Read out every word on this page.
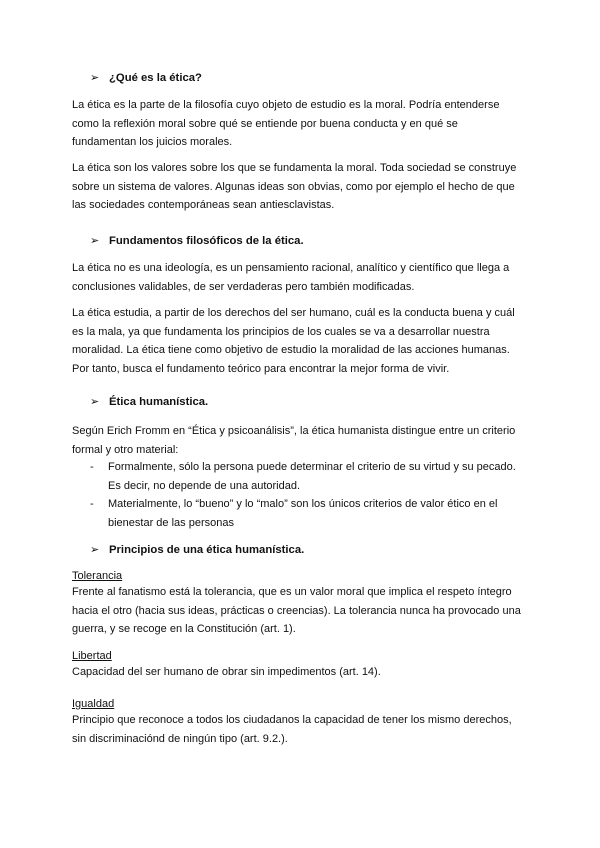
➢ ¿Qué es la ética?
La ética es la parte de la filosofía cuyo objeto de estudio es la moral. Podría entenderse
como la reflexión moral sobre qué se entiende por buena conducta y en qué se
fundamentan los juicios morales.
La ética son los valores sobre los que se fundamenta la moral. Toda sociedad se construye
sobre un sistema de valores. Algunas ideas son obvias, como por ejemplo el hecho de que
las sociedades contemporáneas sean antiesclavistas.
➢ Fundamentos filosóficos de la ética.
La ética no es una ideología, es un pensamiento racional, analítico y científico que llega a
conclusiones validables, de ser verdaderas pero también modificadas.
La ética estudia, a partir de los derechos del ser humano, cuál es la conducta buena y cuál
es la mala, ya que fundamenta los principios de los cuales se va a desarrollar nuestra
moralidad. La ética tiene como objetivo de estudio la moralidad de las acciones humanas.
Por tanto, busca el fundamento teórico para encontrar la mejor forma de vivir.
➢ Ética humanística.
Según Erich Fromm en “Ética y psicoanálisis”, la ética humanista distingue entre un criterio
formal y otro material:
- Formalmente, sólo la persona puede determinar el criterio de su virtud y su pecado.
Es decir, no depende de una autoridad.
- Materialmente, lo “bueno” y lo “malo” son los únicos criterios de valor ético en el
bienestar de las personas
➢ Principios de una ética humanística.
Tolerancia
Frente al fanatismo está la tolerancia, que es un valor moral que implica el respeto íntegro
hacia el otro (hacia sus ideas, prácticas o creencias). La tolerancia nunca ha provocado una
guerra, y se recoge en la Constitución (art. 1).
Libertad
Capacidad del ser humano de obrar sin impedimentos (art. 14).
Igualdad
Principio que reconoce a todos los ciudadanos la capacidad de tener los mismo derechos,
sin discriminaciónd de ningún tipo (art. 9.2.).
